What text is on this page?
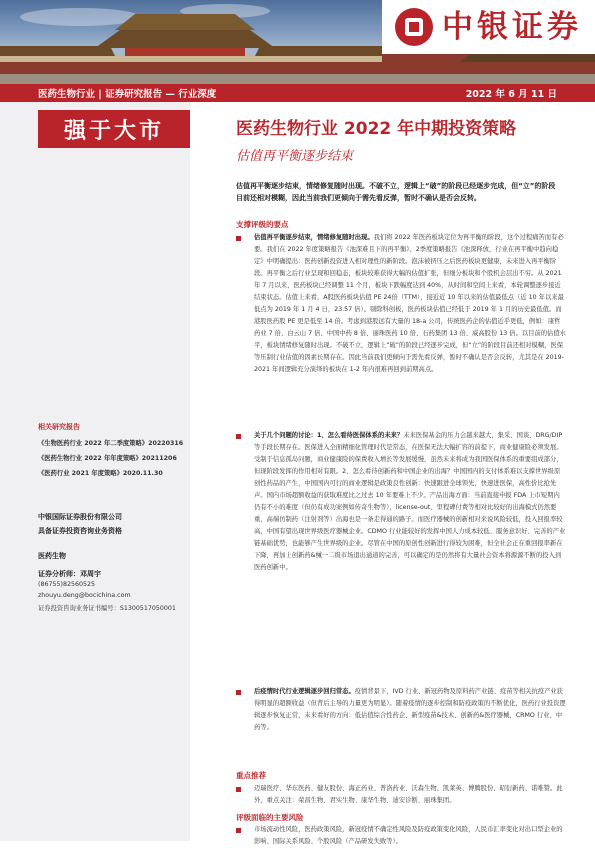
中银证券
医药生物行业 | 证券研究报告 — 行业深度	2022 年 6 月 11 日
强于大市
相关研究报告
《生物医药行业 2022 年二季度策略》20220316
《医药生物行业 2022 年年度策略》20211206
《医药行业 2021 年度策略》2020.11.30
中银国际证券股份有限公司
具备证券投资咨询业务资格
医药生物
证券分析师：邓周宇
(86755)82560525
zhouyu.deng@bocichina.com
证券投资咨询业务证书编号：S1300517050001
医药生物行业 2022 年中期投资策略
估值再平衡逐步结束
估值再平衡逐步结束，情绪修复随时出现。不破不立，逻辑上“破”的阶段已经逐步完成，但“立”的阶段目前还相对模糊，因此当前我们更倾向于需先看反弹，暂时不确认是否会反转。
支撑评级的要点
估值再平衡逐步结束，情绪修复随时出现。我们将 2022 年医药板块定位为再平衡的阶段，这个过程痛苦而有必要。我们在 2022 年度策略报告《池深难且下的再平衡》、2季度策略报告《池深释放，行业在再平衡中趋向稳定》中明确提出：医药创新投资进入相对理性的新阶段。泡沫被挤压之后医药板块更健康，未来进入再平衡阶段。再平衡之后行业呈现和回稳态，板块较难获得大幅的估值扩张，但细分板块和个股机会层出不穷。从 2021 年 7 月以来，医药板块已经调整 11 个月，板块下跌幅度达到 40%，从时间和空间上来看，本轮调整逐步接近结束状态。估值上来看，A股医药板块估值 PE 24倍（TTM），接近近 10 年以来的估值最低点（近 10 年以来最低点为 2019 年 1 月 4 日，23.57 倍）。剔除科创板，医药板块估值已经低于 2019 年 1 月的历史最低值。而港股医药股 PE 更是低至 14 倍。考虑到港股远有大量的 18-a 公司，传统医药企的估值近乎更低，例如：康哲药业 7 倍、白云山 7 倍、中国中药 8 倍、丽珠医药 10 倍、石药集团 13 倍、威高股份 13 倍。以目前的估值水平，板块情绪修复随时出现。不破不立，逻辑上“破”的阶段已经逐步完成，但“立”的阶段目前还相对模糊，医保等压制行业估值的因素长期存在。因此当前我们更倾向于需先看反弹，暂时不确认是否会反转，尤其是在 2019-2021 年间逻辑充分演绎的板块在 1-2 年内很难再回到前期高点。
关于几个问题的讨论：1、怎么看待医保体系的未来？未来医保基金的压力会越来越大，集采、国谈、DRG/DIP 等手段长期存在。医保进入全面精细化管理时代是常态，在医保无法大幅扩容的前提下，商业健康险必须发展。受制于信息孤岛问题，商业健康险的保费收入增长等发展缓慢，虽然未来将成为我国医保体系的重要组成部分，但现阶段发挥的作用相对有限。2、怎么看待创新药和中国企业的出海？中国国内的支付体系难以支撑世界级原创性药品的产生，中国国内可行的商业逻辑是政策良性创新：快速跟进全球领先，快速进医保，高性价比抢先声。国内市场超额收益的获取难度比之过去 10 年要难上不少。产品出海方面：当前直接申报 FDA 上市短期内仍有不小的难度（但仍有成功案例如传奇生物等），license-out、里程碑付费等相对比较好的出海模式仍然要重，高端仿制药（注射剂等）出海也是一条走得通的路子。而医疗器械的创新相对来说风险较低，投入回报率较高，中国有望出现世界级医疗器械企业。CDMO 行业能较好的发挥中国人力成本较低、服务意识好、完善的产业链基础优势，也能够产生世界级的企业。尽管在中国的原创性创新进行得较为困难，但全社会正在重回报率新在下降，再加上创新药&械一二级市场退出通道的完善，可以确定的是仍然将有大量社会资本将源源不断的投入到医药创新中。
后疫情时代行业逻辑逐步回归常态。疫情背景下，IVD 行业、新冠药物及原料药产业链、疫苗等相关抗疫产业获得明显的超额收益（但背后主导的力量更为明显）。随着疫情的逐步控制和防疫政策的不断优化，医药行业投资逻辑逐步恢复正常，未来看好的方向：低估值综合性药企、新型疫苗&技术、创新药&医疗器械，CRMO 行业、中药等。
重点推荐
迈瑞医疗、华东医药、健友股份、海正药业、普洛药业、沃森生物、凯莱英、博腾股份、昭衍新药、诺唯赞。此外，重点关注：荣昌生物、君实生物、康华生物、迪安诊断、丽珠集团。
评级面临的主要风险
市场流动性风险，医药政策风险，新冠疫情不确定性风险及防疫政策变化风险，人民币汇率变化对出口型企业的影响、国际关系风险、个股风险（产品研发失败等）。
